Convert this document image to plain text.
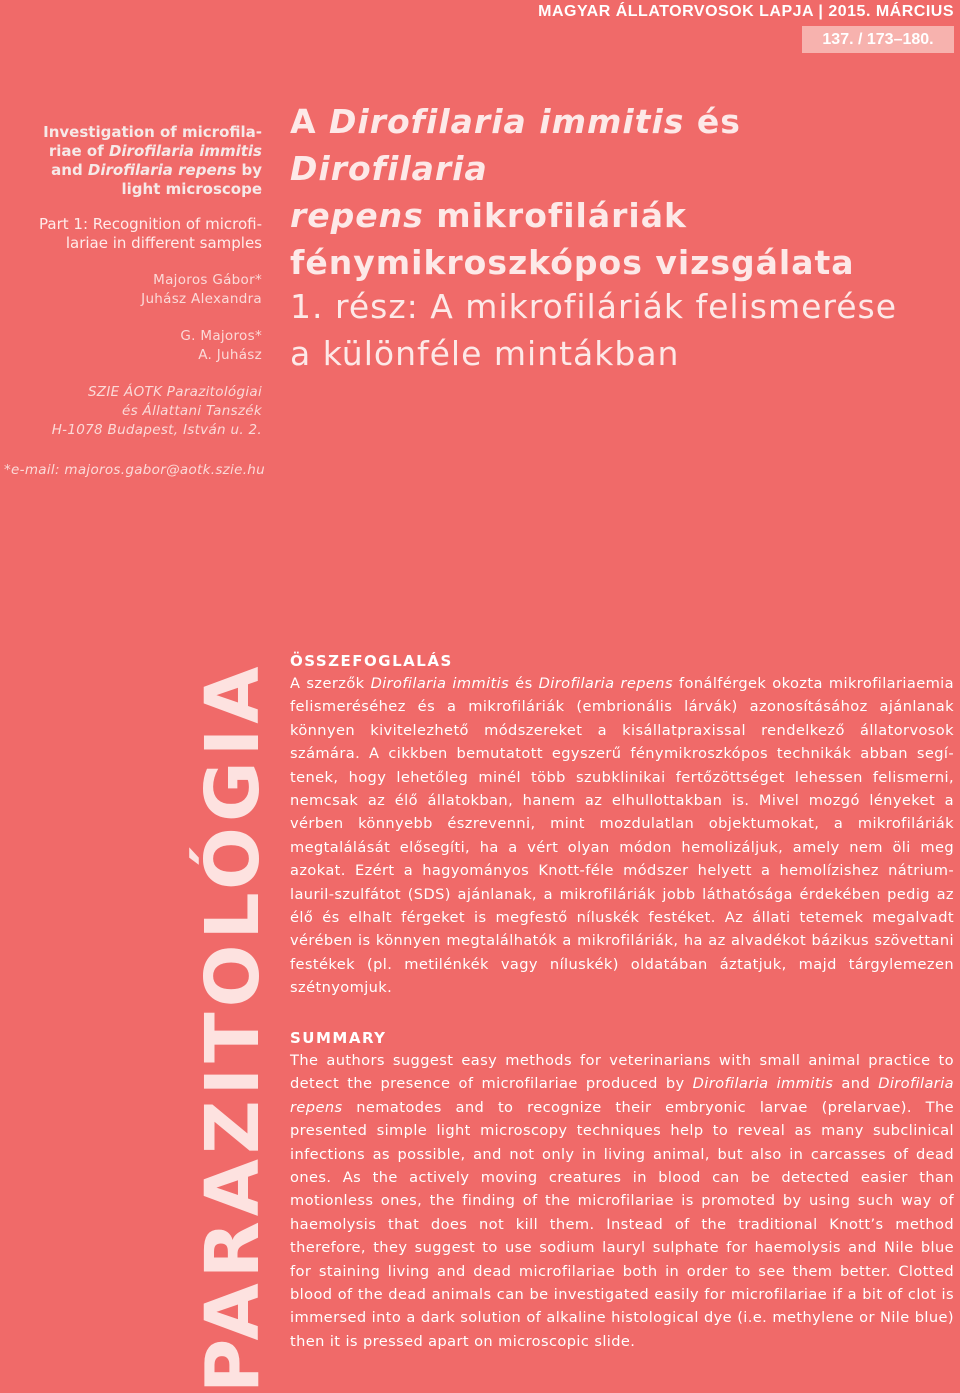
MAGYAR ÁLLATORVOSOK LAPJA | 2015. MÁRCIUS
137. / 173–180.
Investigation of microfila-
riae of Dirofilaria immitis
and Dirofilaria repens by
light microscope
Part 1: Recognition of microfi-
lariae in different samples
Majoros Gábor*
Juhász Alexandra
G. Majoros*
A. Juhász
SZIE ÁOTK Parazitológiai
és Állattani Tanszék
H-1078 Budapest, István u. 2.
*e-mail: majoros.gabor@aotk.szie.hu
A Dirofilaria immitis és Dirofilaria
repens mikrofiláriák
fénymikroszkópos vizsgálata
1. rész: A mikrofiláriák felismerése
a különféle mintákban
PARAZITOLÓGIA
ÖSSZEFOGLALÁS
A szerzők Dirofilaria immitis és Dirofilaria repens fonálférgek okozta mikrofilariaemia felismeréséhez és a mikrofiláriák (embrionális lárvák) azonosításához ajánlanak könnyen kivitelezhető módszereket a kisállatpraxissal rendelkező állatorvosok számára. A cikkben bemutatott egyszerű fénymikroszkópos technikák abban segí-tenek, hogy lehetőleg minél több szubklinikai fertőzöttséget lehessen felismerni, nemcsak az élő állatokban, hanem az elhullottakban is. Mivel mozgó lényeket a vérben könnyebb észrevenni, mint mozdulatlan objektumokat, a mikrofiláriák megtalálását elősegíti, ha a vért olyan módon hemolizáljuk, amely nem öli meg azokat. Ezért a hagyományos Knott-féle módszer helyett a hemolízishez nátrium-lauril-szulfátot (SDS) ajánlanak, a mikrofiláriák jobb láthatósága érdekében pedig az élő és elhalt férgeket is megfestő níluskék festéket. Az állati tetemek megalvadt vérében is könnyen megtalálhatók a mikrofiláriák, ha az alvadékot bázikus szövettani festékek (pl. metilénkék vagy níluskék) oldatában áztatjuk, majd tárgylemezen szétnyomjuk.
SUMMARY
The authors suggest easy methods for veterinarians with small animal practice to detect the presence of microfilariae produced by Dirofilaria immitis and Dirofilaria repens nematodes and to recognize their embryonic larvae (prelarvae). The presented simple light microscopy techniques help to reveal as many subclinical infections as possible, and not only in living animal, but also in carcasses of dead ones. As the actively moving creatures in blood can be detected easier than motionless ones, the finding of the microfilariae is promoted by using such way of haemolysis that does not kill them. Instead of the traditional Knott’s method therefore, they suggest to use sodium lauryl sulphate for haemolysis and Nile blue for staining living and dead microfilariae both in order to see them better. Clotted blood of the dead animals can be investigated easily for microfilariae if a bit of clot is immersed into a dark solution of alkaline histological dye (i.e. methylene or Nile blue) then it is pressed apart on microscopic slide.
